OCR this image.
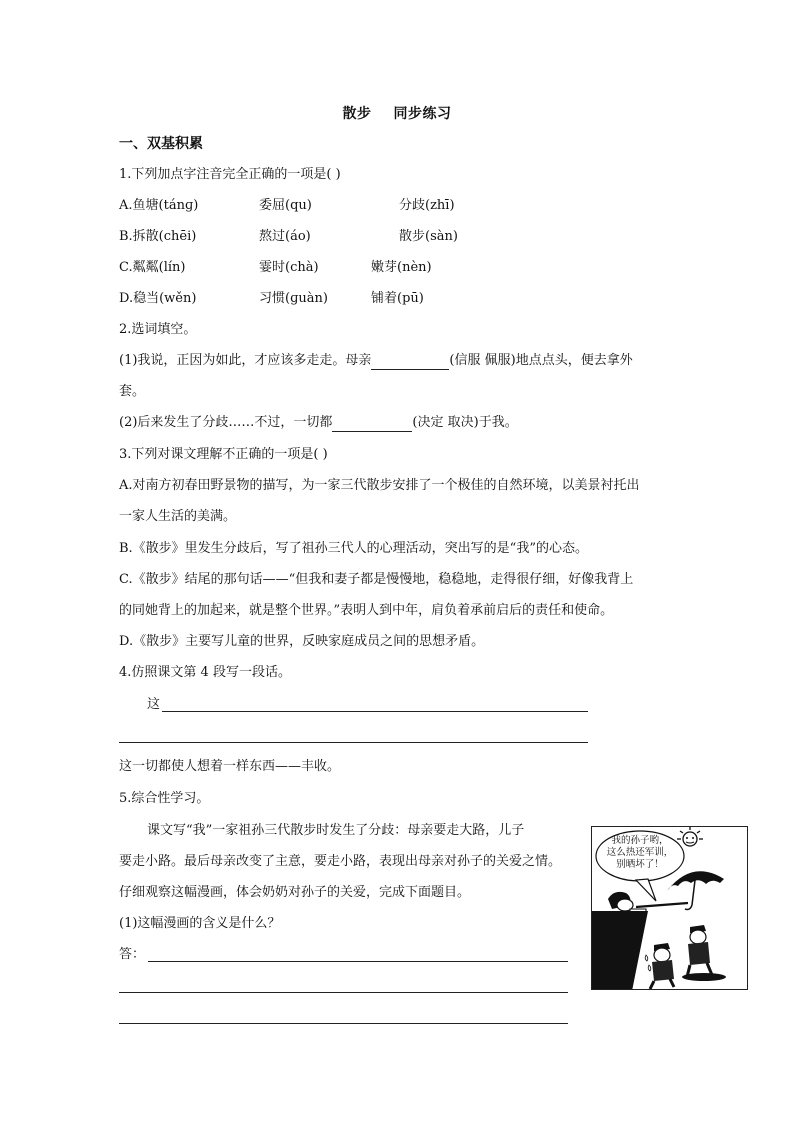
散步 同步练习
一、双基积累
1.下列加点字注音完全正确的一项是( )
A.鱼塘(tánɡ)	委屈(qu)	分歧(zhī)
B.拆散(chēi)	熬过(áo)	散步(sàn)
C.粼粼(lín)	霎时(chà)	嫩芽(nèn)
D.稳当(wěn)	习惯(ɡuàn)	铺着(pū)
2.选词填空。
(1)我说，正因为如此，才应该多走走。母亲	(信服 佩服)地点点头，便去拿外
套。
(2)后来发生了分歧……不过，一切都	(决定 取决)于我。
3.下列对课文理解不正确的一项是( )
A.对南方初春田野景物的描写，为一家三代散步安排了一个极佳的自然环境，以美景衬托出
一家人生活的美满。
B.《散步》里发生分歧后，写了祖孙三代人的心理活动，突出写的是“我”的心态。
C.《散步》结尾的那句话——“但我和妻子都是慢慢地，稳稳地，走得很仔细，好像我背上
的同她背上的加起来，就是整个世界。”表明人到中年，肩负着承前启后的责任和使命。
D.《散步》主要写儿童的世界，反映家庭成员之间的思想矛盾。
4.仿照课文第 4 段写一段话。
这
这一切都使人想着一样东西——丰收。
5.综合性学习。
课文写“我”一家祖孙三代散步时发生了分歧：母亲要走大路，儿子
要走小路。最后母亲改变了主意，要走小路，表现出母亲对孙子的关爱之情。
仔细观察这幅漫画，体会奶奶对孙子的关爱，完成下面题目。
(1)这幅漫画的含义是什么？
答：
我的孙子哟，
这么热还军训，
别晒坏了！
